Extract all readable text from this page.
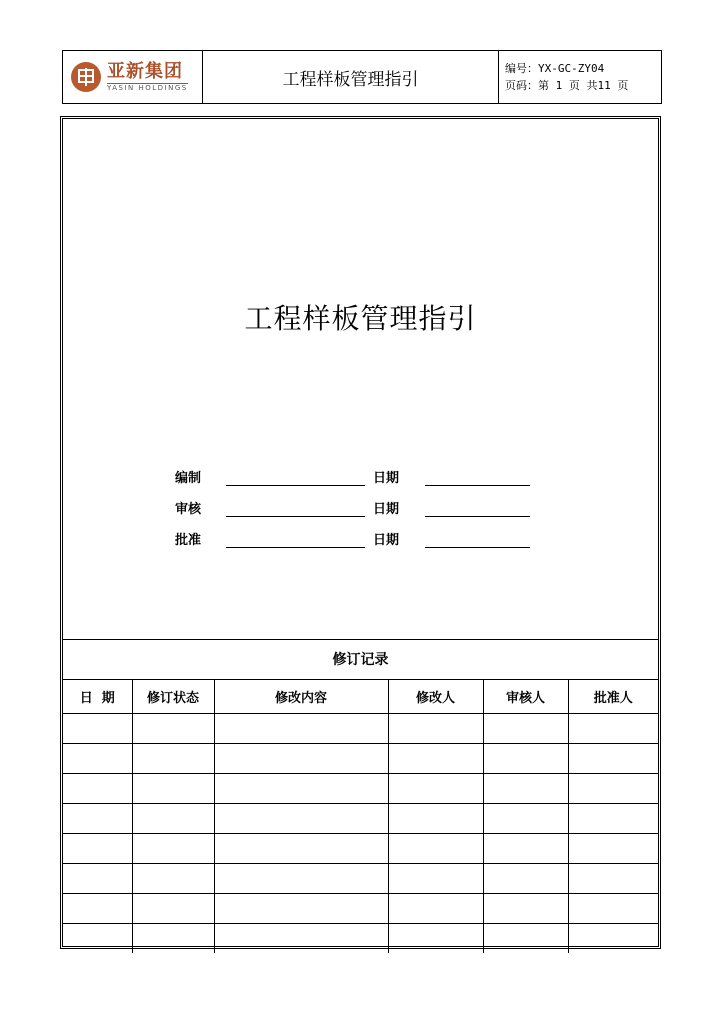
亚新集团
YASIN HOLDINGS	工程样板管理指引
编号：YX-GC-ZY04
页码：第 1 页 共11 页
工程样板管理指引
编制	日期
审核	日期
批准	日期
修订记录
日  期	修订状态	修改内容	修改人	审核人	批准人
